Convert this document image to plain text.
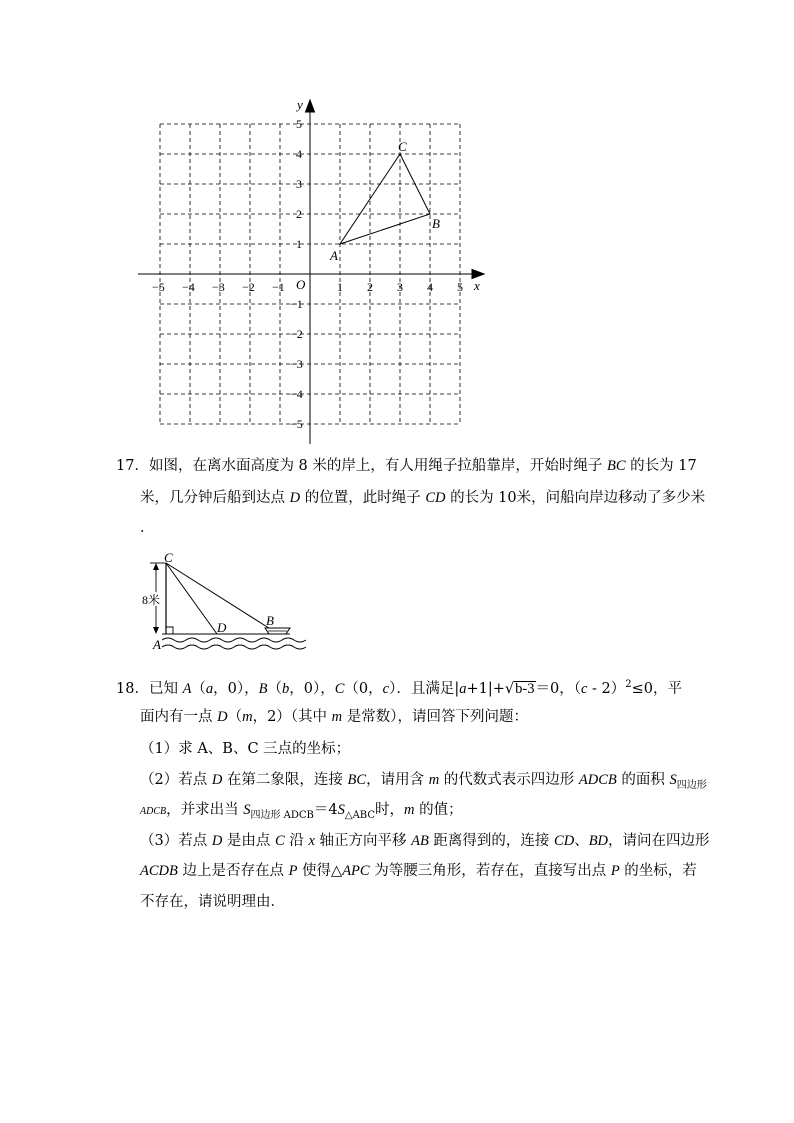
−5 −4 −3 −2 −1	1 2 3 4 5
5
4
3
2
1
−1
−2
−3
−4
−5
x
y
O
A
B
C
17．如图，在离水面高度为 8 米的岸上，有人用绳子拉船靠岸，开始时绳子 BC 的长为 17
米，几分钟后船到达点 D 的位置，此时绳子 CD 的长为 10米，问船向岸边移动了多少米
．
8米
C
A
D	B
18．已知 A（a，0），B（b，0），C（0，c）．且满足|a+1|+√b-3＝0，（c - 2）$^2$≤0，平
面内有一点 D（m，2）（其中 m 是常数），请回答下列问题：
（1）求 A、B、C 三点的坐标；
（2）若点 D 在第二象限，连接 BC，请用含 m 的代数式表示四边形 ADCB 的面积 $S_{四边形}$
ADCB，并求出当 $S_{四边形 ADCB}=4S_{\triangle ABC}$时，m 的值；
（3）若点 D 是由点 C 沿 x 轴正方向平移 AB 距离得到的，连接 CD、BD，请问在四边形
ACDB 边上是否存在点 P 使得△APC 为等腰三角形，若存在，直接写出点 P 的坐标，若
不存在，请说明理由．
